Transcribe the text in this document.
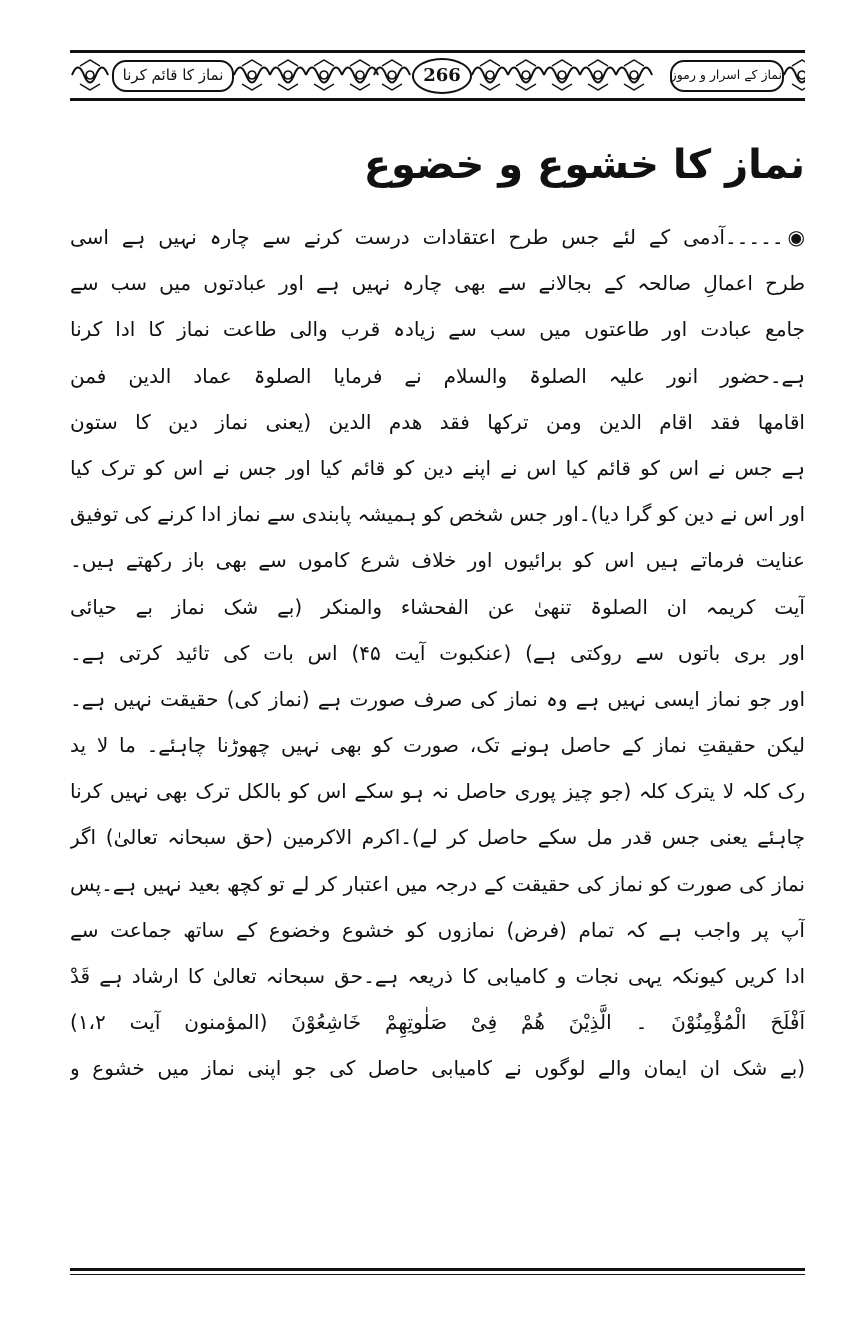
نماز کا قائم کرنا	266	نماز کے اسرار و رموز
نماز کا خشوع و خضوع
◉۔۔۔۔۔آدمی کے لئے جس طرح اعتقادات درست کرنے سے چارہ نہیں ہے اسی
طرح اعمالِ صالحہ کے بجالانے سے بھی چارہ نہیں ہے اور عبادتوں میں سب سے
جامع عبادت اور طاعتوں میں سب سے زیادہ قرب والی طاعت نماز کا ادا کرنا
ہے۔حضور انور علیہ الصلوۃ والسلام نے فرمایا الصلوۃ عماد الدین فمن
اقامھا فقد اقام الدین ومن ترکھا فقد ھدم الدین (یعنی نماز دین کا ستون
ہے جس نے اس کو قائم کیا اس نے اپنے دین کو قائم کیا اور جس نے اس کو ترک کیا
اور اس نے دین کو گرا دیا)۔اور جس شخص کو ہمیشہ پابندی سے نماز ادا کرنے کی توفیق
عنایت فرماتے ہیں اس کو برائیوں اور خلاف شرع کاموں سے بھی باز رکھتے ہیں۔
آیت کریمہ ان الصلوۃ تنھیٰ عن الفحشاء والمنکر (بے شک نماز بے حیائی
اور بری باتوں سے روکتی ہے) (عنکبوت آیت ۴۵) اس بات کی تائید کرتی ہے۔
اور جو نماز ایسی نہیں ہے وہ نماز کی صرف صورت ہے (نماز کی) حقیقت نہیں ہے۔
لیکن حقیقتِ نماز کے حاصل ہونے تک، صورت کو بھی نہیں چھوڑنا چاہئے۔ ما لا ید
رک کلہ لا یترک کلہ (جو چیز پوری حاصل نہ ہو سکے اس کو بالکل ترک بھی نہیں کرنا
چاہئے یعنی جس قدر مل سکے حاصل کر لے)۔اکرم الاکرمین (حق سبحانہ تعالیٰ) اگر
نماز کی صورت کو نماز کی حقیقت کے درجہ میں اعتبار کر لے تو کچھ بعید نہیں ہے۔پس
آپ پر واجب ہے کہ تمام (فرض) نمازوں کو خشوع وخضوع کے ساتھ جماعت سے
ادا کریں کیونکہ یہی نجات و کامیابی کا ذریعہ ہے۔حق سبحانہ تعالیٰ کا ارشاد ہے قَدْ
اَفْلَحَ الْمُؤْمِنُوْنَ ۔ الَّذِیْنَ ھُمْ فِیْ صَلٰوتِھِمْ خَاشِعُوْنَ (المؤمنون آیت ۱،۲)
(بے شک ان ایمان والے لوگوں نے کامیابی حاصل کی جو اپنی نماز میں خشوع و
